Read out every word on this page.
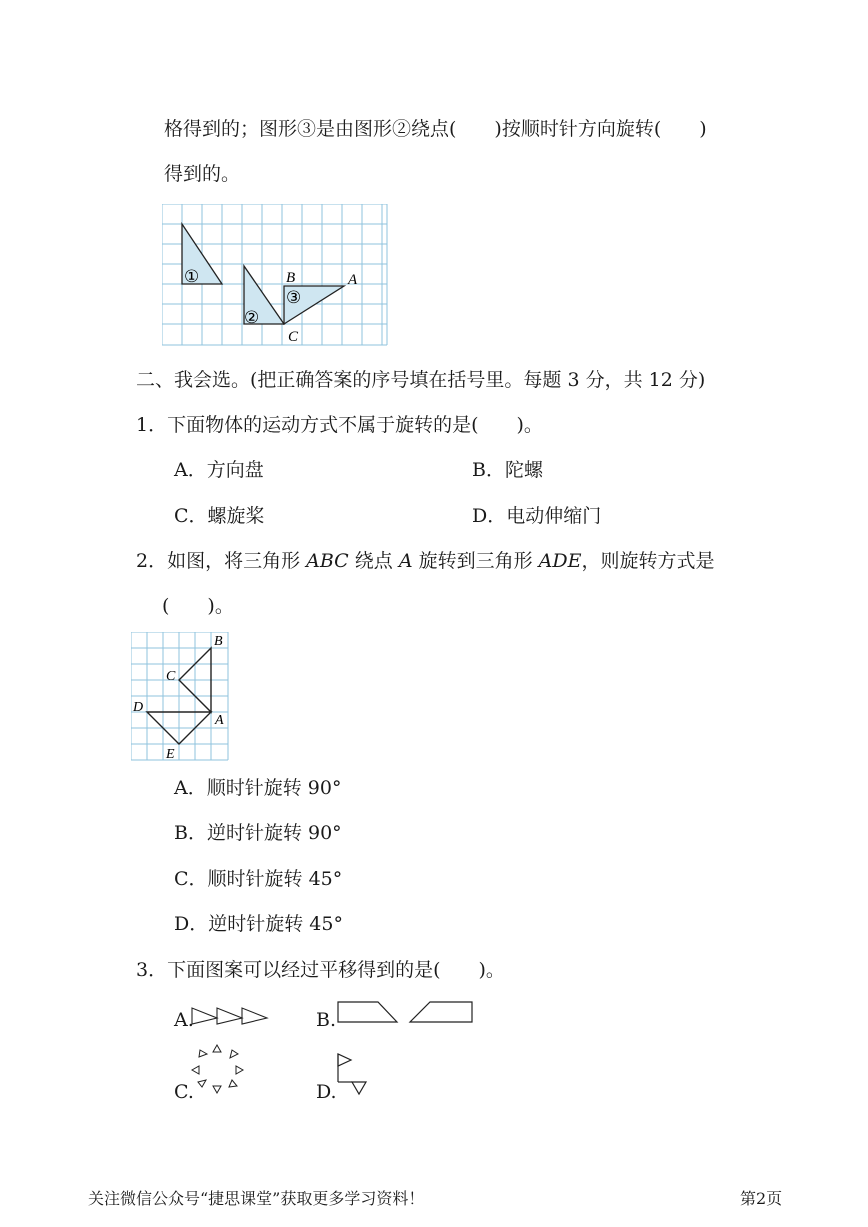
格得到的；图形③是由图形②绕点(　　)按顺时针方向旋转(　　)
得到的。
①
②
③
B	A
C
二、我会选。(把正确答案的序号填在括号里。每题 3 分，共 12 分)
1．下面物体的运动方式不属于旋转的是(　　)。
A．方向盘	B．陀螺
C．螺旋桨	D．电动伸缩门
2．如图，将三角形 ABC 绕点 A 旋转到三角形 ADE，则旋转方式是
(　　)。
B
C
D
A
E
A．顺时针旋转 90°
B．逆时针旋转 90°
C．顺时针旋转 45°
D．逆时针旋转 45°
3．下面图案可以经过平移得到的是(　　)。
A.	B.
C.	D.
关注微信公众号“捷思课堂”获取更多学习资料！	第2页
